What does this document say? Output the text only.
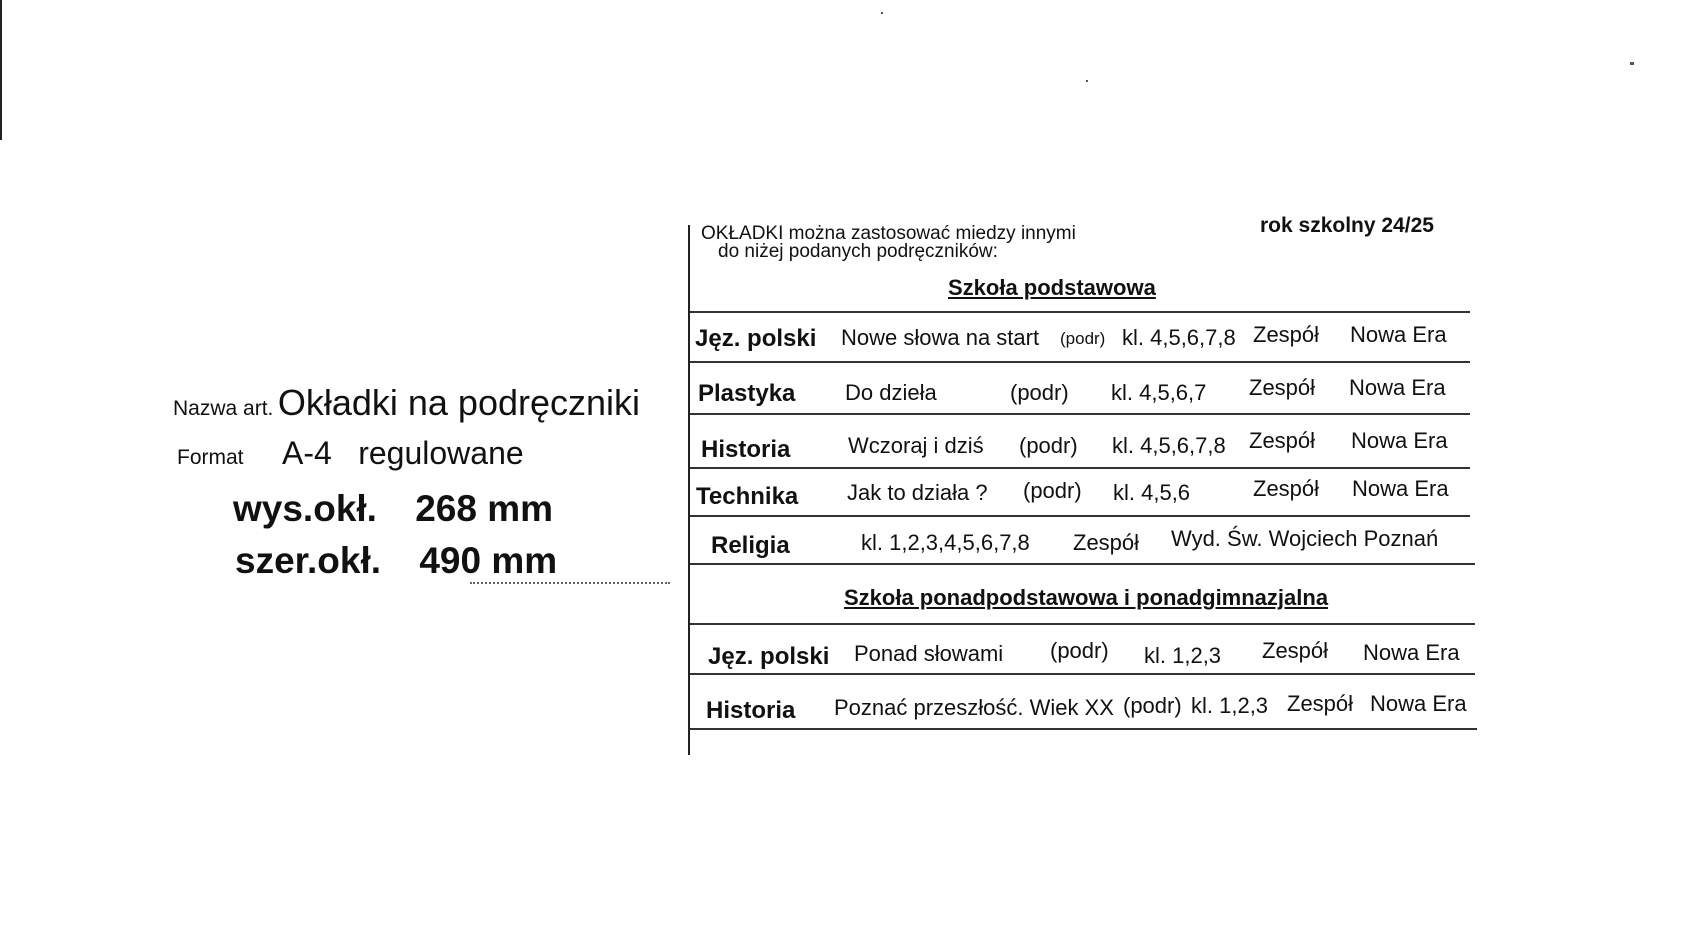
Nazwa art. Okładki na podręczniki
Format A-4 regulowane
wys.okł. 268 mm
szer.okł. 490 mm
OKŁADKI można zastosować miedzy innymi
do niżej podanych podręczników:
rok szkolny 24/25
Szkoła podstawowa
Jęz. polski Nowe słowa na start (podr) kl. 4,5,6,7,8 Zespół Nowa Era
Plastyka Do dzieła	(podr) kl. 4,5,6,7 Zespół Nowa Era
Historia	Wczoraj i dziś (podr) kl. 4,5,6,7,8 Zespół Nowa Era
Technika Jak to działa ? (podr) kl. 4,5,6	Zespół Nowa Era
Religia	kl. 1,2,3,4,5,6,7,8 Zespół Wyd. Św. Wojciech Poznań
Szkoła ponadpodstawowa i ponadgimnazjalna
Jęz. polski Ponad słowami (podr) kl. 1,2,3 Zespół Nowa Era
Historia Poznać przeszłość. Wiek XX (podr) kl. 1,2,3 Zespół Nowa Era
